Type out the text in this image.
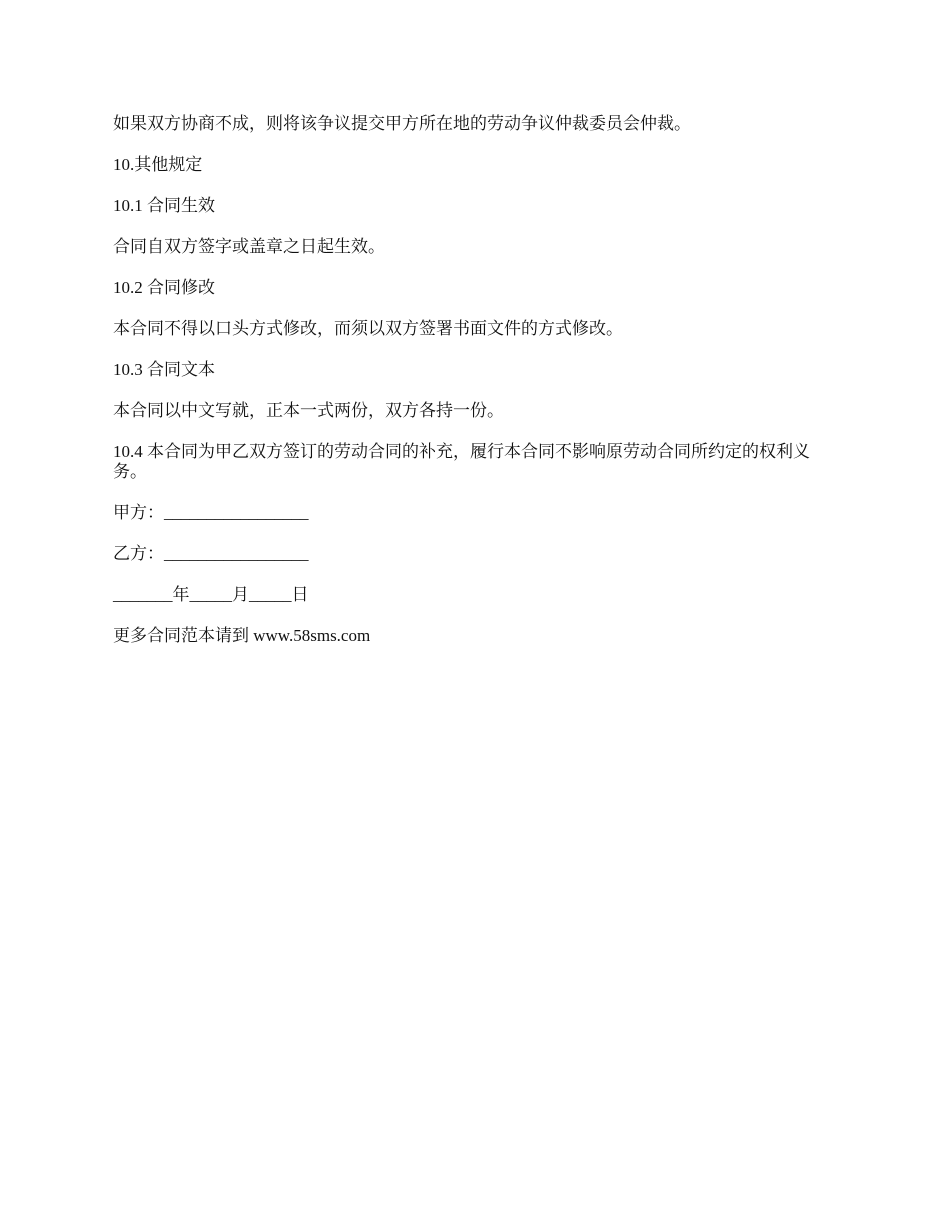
如果双方协商不成，则将该争议提交甲方所在地的劳动争议仲裁委员会仲裁。

10.其他规定

10.1 合同生效

合同自双方签字或盖章之日起生效。

10.2 合同修改

本合同不得以口头方式修改，而须以双方签署书面文件的方式修改。

10.3 合同文本

本合同以中文写就，正本一式两份，双方各持一份。

10.4 本合同为甲乙双方签订的劳动合同的补充，履行本合同不影响原劳动合同所约定的权利义务。

甲方：_________________

乙方：_________________

_______年_____月_____日

更多合同范本请到 www.58sms.com
